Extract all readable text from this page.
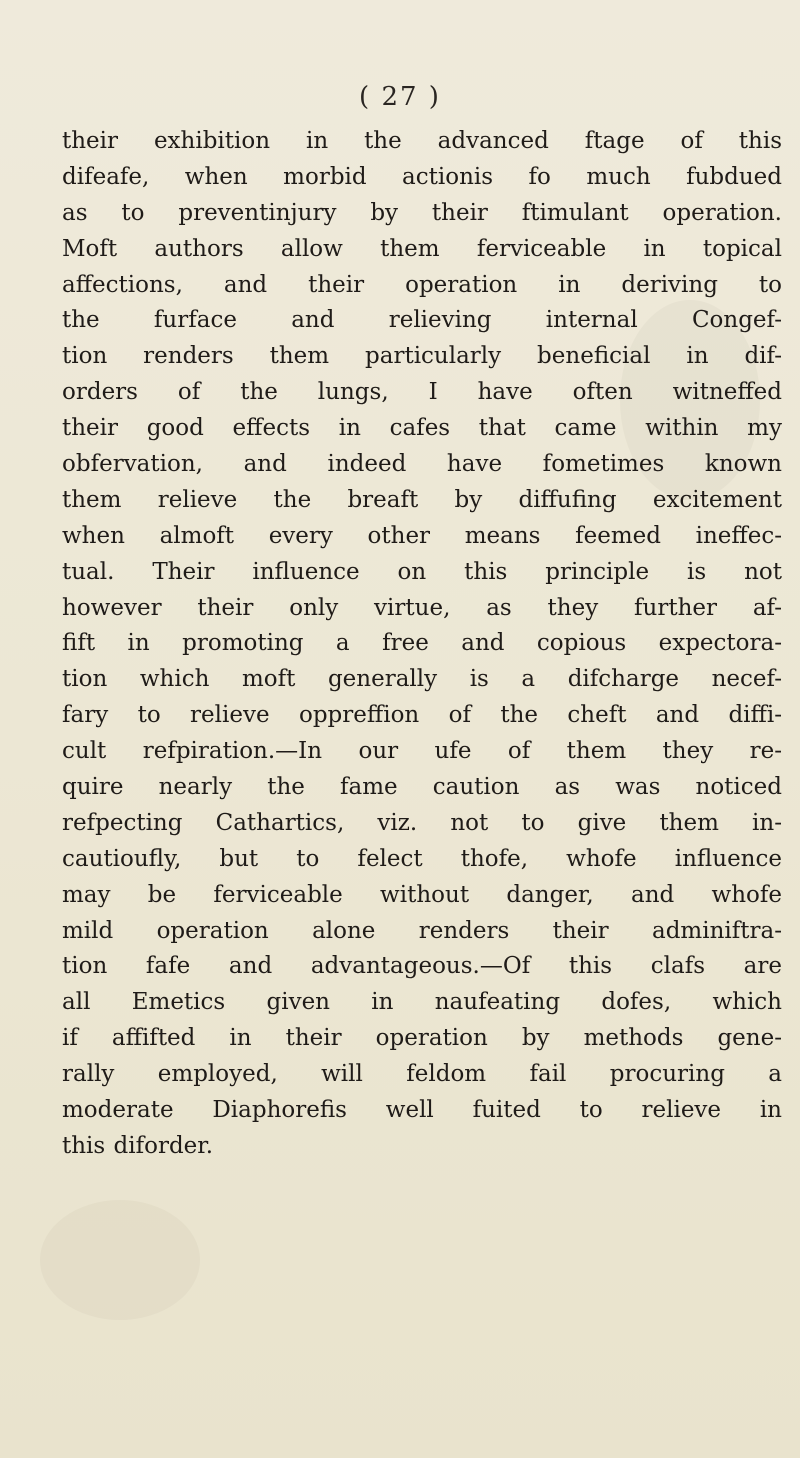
( 27 )
their exhibition in the advanced ftage of this
difeafe, when morbid actionis fo much fubdued
as to preventinjury by their ftimulant operation.
Moft authors allow them ferviceable in topical
affections, and their operation in deriving to
the furface and relieving internal Congef-
tion renders them particularly beneficial in dif-
orders of the lungs, I have often witneffed
their good effects in cafes that came within my
obfervation, and indeed have fometimes known
them relieve the breaft by diffufing excitement
when almoft every other means feemed ineffec-
tual. Their influence on this principle is not
however their only virtue, as they further af-
fift in promoting a free and copious expectora-
tion which moft generally is a difcharge necef-
fary to relieve oppreffion of the cheft and diffi-
cult refpiration.—In our ufe of them they re-
quire nearly the fame caution as was noticed
refpecting Cathartics, viz. not to give them in-
cautioufly, but to felect thofe, whofe influence
may be ferviceable without danger, and whofe
mild operation alone renders their adminiftra-
tion fafe and advantageous.—Of this clafs are
all Emetics given in naufeating dofes, which
if affifted in their operation by methods gene-
rally employed, will feldom fail procuring a
moderate Diaphorefis well fuited to relieve in
this diforder.
